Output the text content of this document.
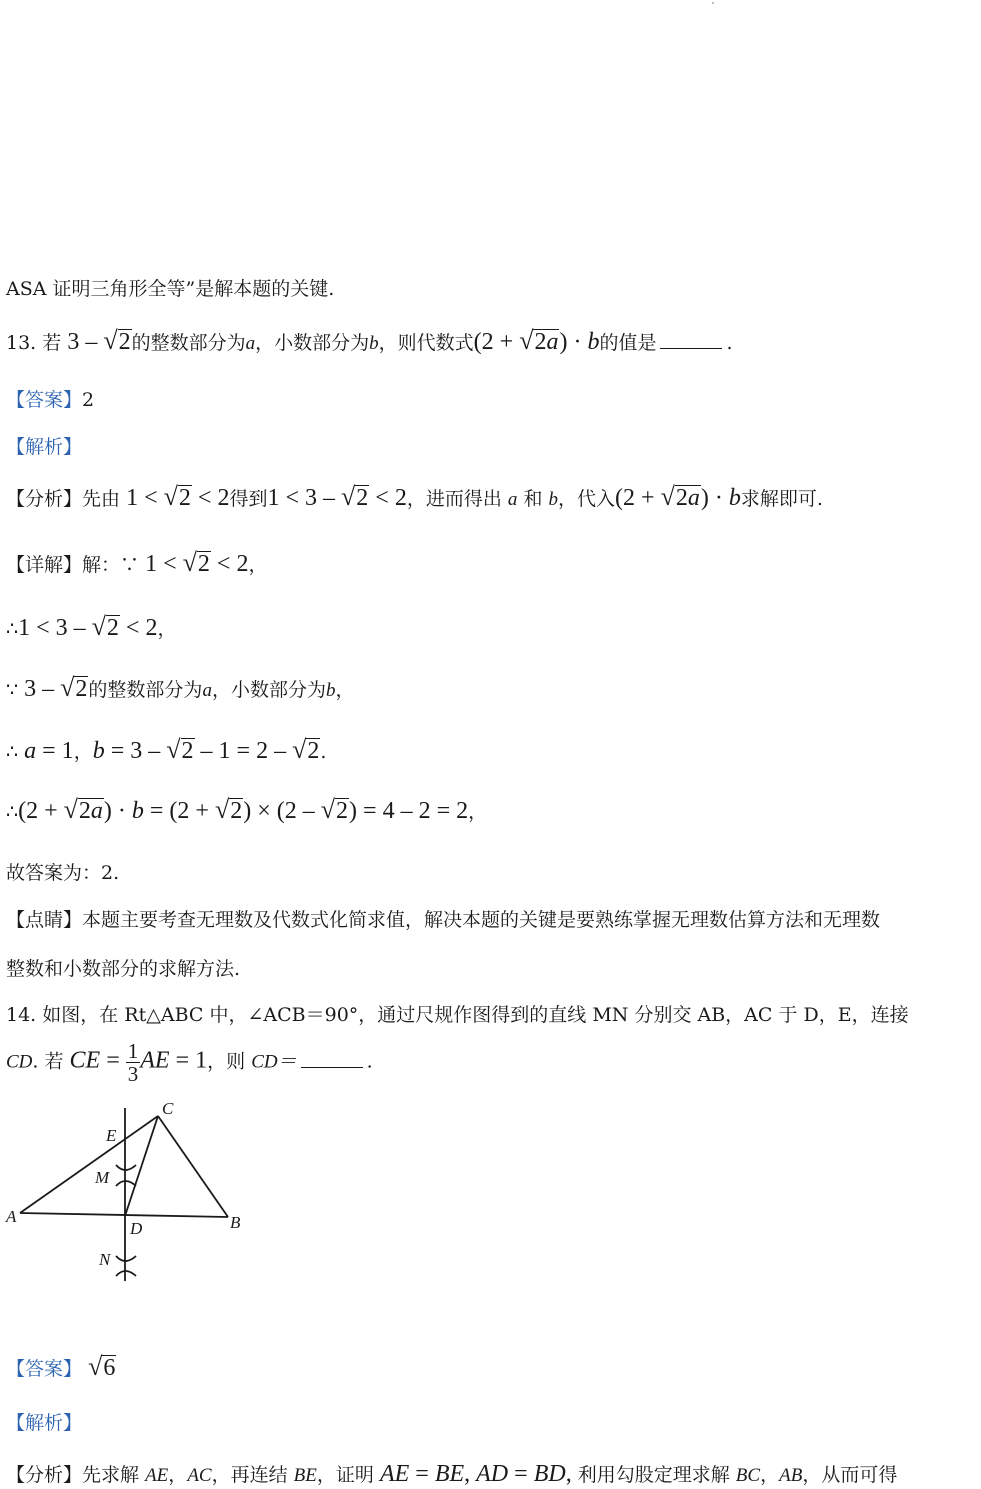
ASA 证明三角形全等”是解本题的关键.
13. 若 3 – √2的整数部分为a，小数部分为b，则代数式(2 + √2a) · b的值是	.
【答案】2
【解析】
【分析】先由 1 < √2 < 2得到1 < 3 – √2 < 2，进而得出 a 和 b，代入(2 + √2a) · b求解即可.
【详解】解：∵ 1 < √2 < 2，
∴1 < 3 – √2 < 2，
∵ 3 – √2的整数部分为a，小数部分为b，
∴ a = 1，b = 3 – √2 – 1 = 2 – √2.
∴(2 + √2a) · b = (2 + √2) × (2 – √2) = 4 – 2 = 2，
故答案为：2.
【点睛】本题主要考查无理数及代数式化简求值，解决本题的关键是要熟练掌握无理数估算方法和无理数
整数和小数部分的求解方法.
14. 如图，在 Rt△ABC 中，∠ACB＝90°，通过尺规作图得到的直线 MN 分别交 AB，AC 于 D，E，连接
CD. 若 CE = $\frac{1}{3}$ AE = 1，则 CD＝	.
A	B
C
D
E
M
N
【答案】 √6
【解析】
【分析】先求解 AE，AC，再连结 BE，证明 AE = BE, AD = BD, 利用勾股定理求解 BC，AB，从而可得
